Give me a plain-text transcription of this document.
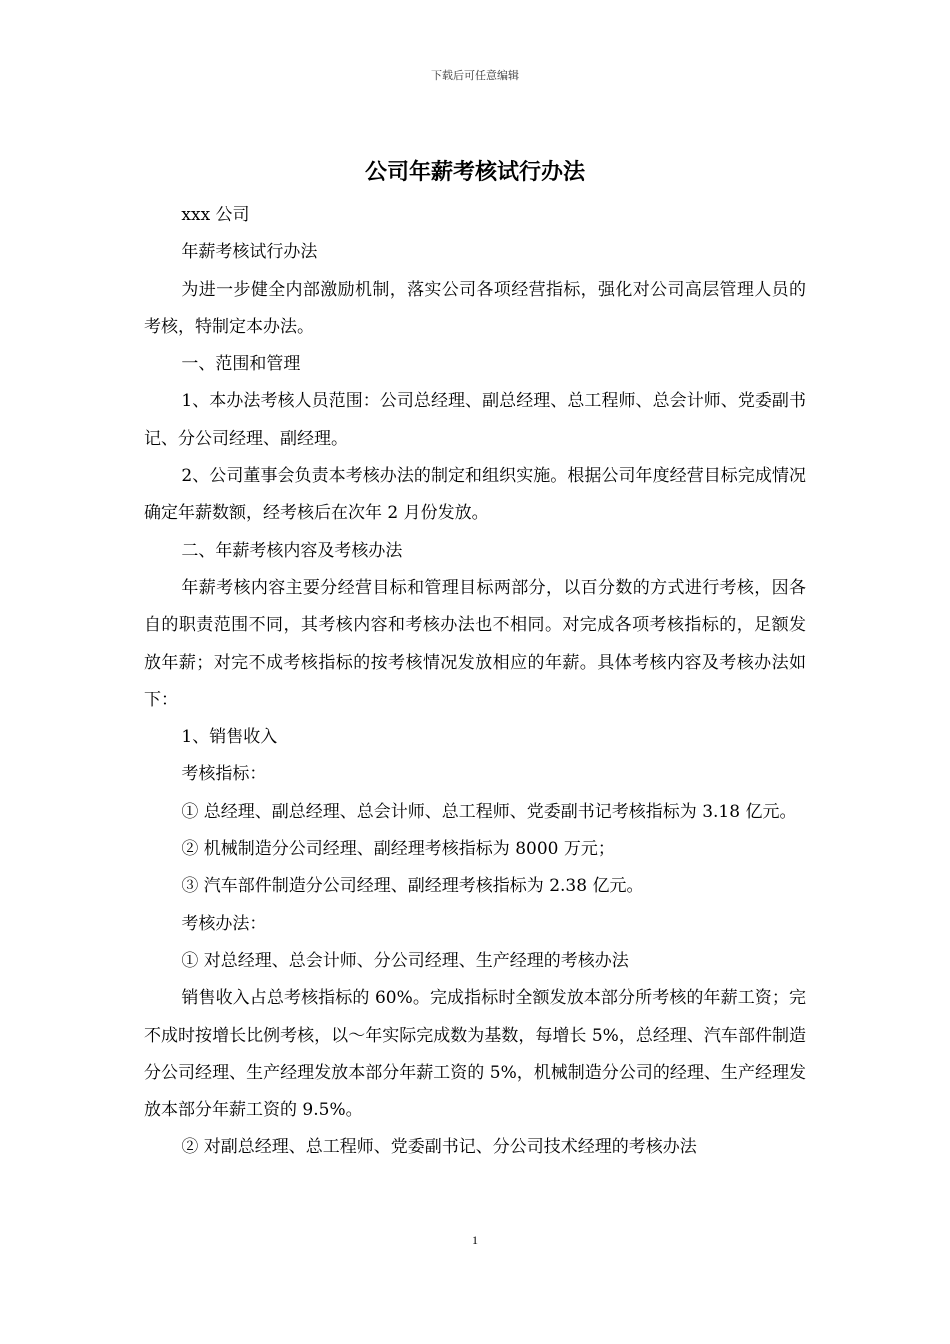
下载后可任意编辑
公司年薪考核试行办法

xxx 公司

年薪考核试行办法

为进一步健全内部激励机制，落实公司各项经营指标，强化对公司高层管理人员的考核，特制定本办法。

一、范围和管理

1、本办法考核人员范围：公司总经理、副总经理、总工程师、总会计师、党委副书记、分公司经理、副经理。

2、公司董事会负责本考核办法的制定和组织实施。根据公司年度经营目标完成情况确定年薪数额，经考核后在次年 2 月份发放。

二、年薪考核内容及考核办法

年薪考核内容主要分经营目标和管理目标两部分，以百分数的方式进行考核，因各自的职责范围不同，其考核内容和考核办法也不相同。对完成各项考核指标的，足额发放年薪；对完不成考核指标的按考核情况发放相应的年薪。具体考核内容及考核办法如下：

1、销售收入

考核指标：

① 总经理、副总经理、总会计师、总工程师、党委副书记考核指标为 3.18 亿元。

② 机械制造分公司经理、副经理考核指标为 8000 万元；

③ 汽车部件制造分公司经理、副经理考核指标为 2.38 亿元。

考核办法：

① 对总经理、总会计师、分公司经理、生产经理的考核办法

销售收入占总考核指标的 60%。完成指标时全额发放本部分所考核的年薪工资；完不成时按增长比例考核，以～年实际完成数为基数，每增长 5%，总经理、汽车部件制造分公司经理、生产经理发放本部分年薪工资的 5%，机械制造分公司的经理、生产经理发放本部分年薪工资的 9.5%。

② 对副总经理、总工程师、党委副书记、分公司技术经理的考核办法

1
